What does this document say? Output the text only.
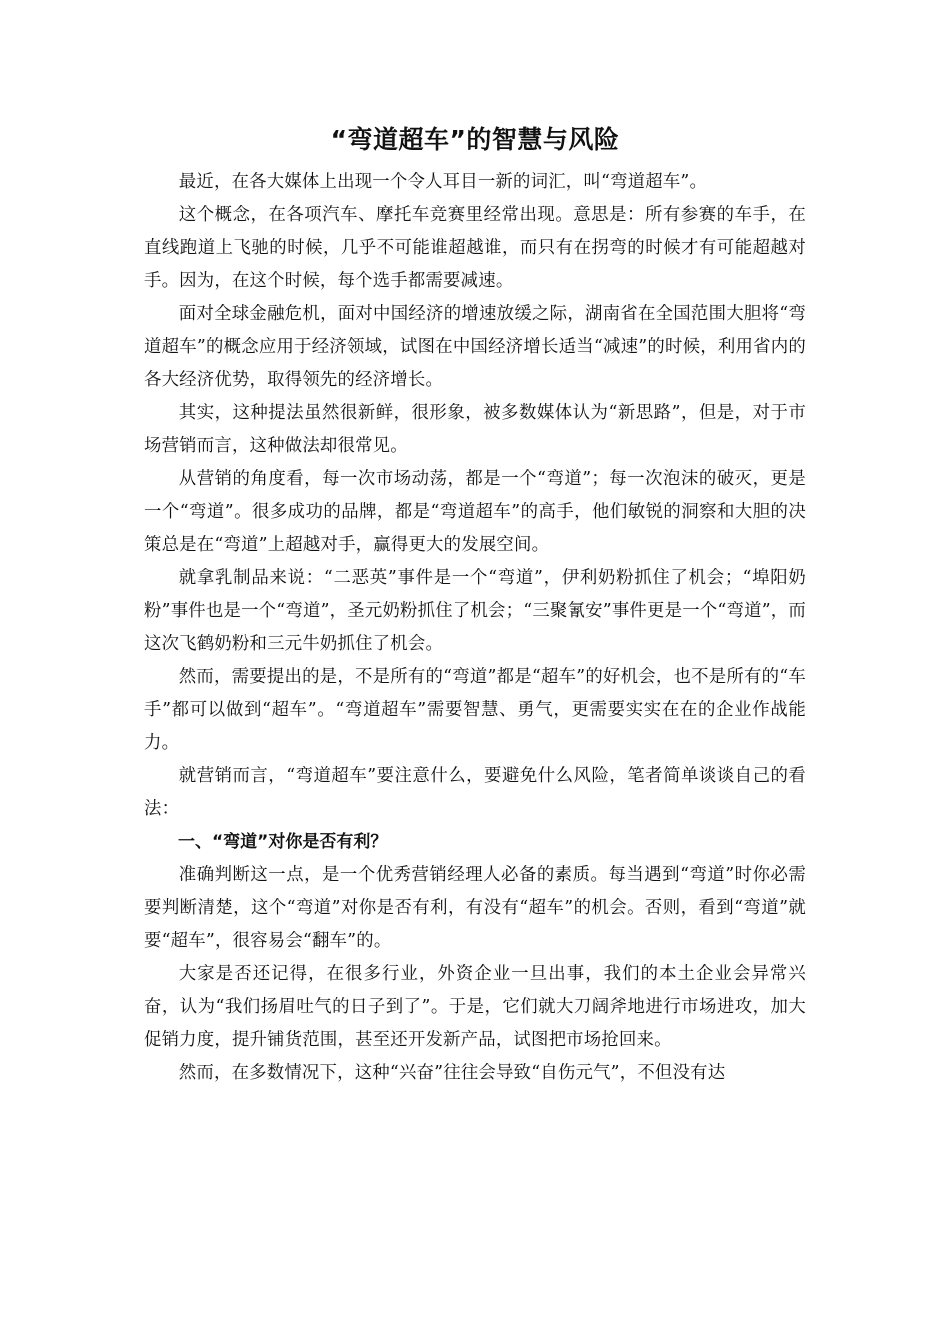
“弯道超车”的智慧与风险

最近，在各大媒体上出现一个令人耳目一新的词汇，叫“弯道超车”。

这个概念，在各项汽车、摩托车竞赛里经常出现。意思是：所有参赛的车手，在直线跑道上飞驰的时候，几乎不可能谁超越谁，而只有在拐弯的时候才有可能超越对手。因为，在这个时候，每个选手都需要减速。

面对全球金融危机，面对中国经济的增速放缓之际，湖南省在全国范围大胆将“弯道超车”的概念应用于经济领域，试图在中国经济增长适当“减速”的时候，利用省内的各大经济优势，取得领先的经济增长。

其实，这种提法虽然很新鲜，很形象，被多数媒体认为“新思路”，但是，对于市场营销而言，这种做法却很常见。

从营销的角度看，每一次市场动荡，都是一个“弯道”；每一次泡沫的破灭，更是一个“弯道”。很多成功的品牌，都是“弯道超车”的高手，他们敏锐的洞察和大胆的决策总是在“弯道”上超越对手，赢得更大的发展空间。

就拿乳制品来说：“二恶英”事件是一个“弯道”，伊利奶粉抓住了机会；“埠阳奶粉”事件也是一个“弯道”，圣元奶粉抓住了机会；“三聚氰安”事件更是一个“弯道”，而这次飞鹤奶粉和三元牛奶抓住了机会。

然而，需要提出的是，不是所有的“弯道”都是“超车”的好机会，也不是所有的“车手”都可以做到“超车”。“弯道超车”需要智慧、勇气，更需要实实在在的企业作战能力。

就营销而言，“弯道超车”要注意什么，要避免什么风险，笔者简单谈谈自己的看法：

一、“弯道”对你是否有利？

准确判断这一点，是一个优秀营销经理人必备的素质。每当遇到“弯道”时你必需要判断清楚，这个“弯道”对你是否有利，有没有“超车”的机会。否则，看到“弯道”就要“超车”，很容易会“翻车”的。

大家是否还记得，在很多行业，外资企业一旦出事，我们的本土企业会异常兴奋，认为“我们扬眉吐气的日子到了”。于是，它们就大刀阔斧地进行市场进攻，加大促销力度，提升铺货范围，甚至还开发新产品，试图把市场抢回来。

然而，在多数情况下，这种“兴奋”往往会导致“自伤元气”，不但没有达
